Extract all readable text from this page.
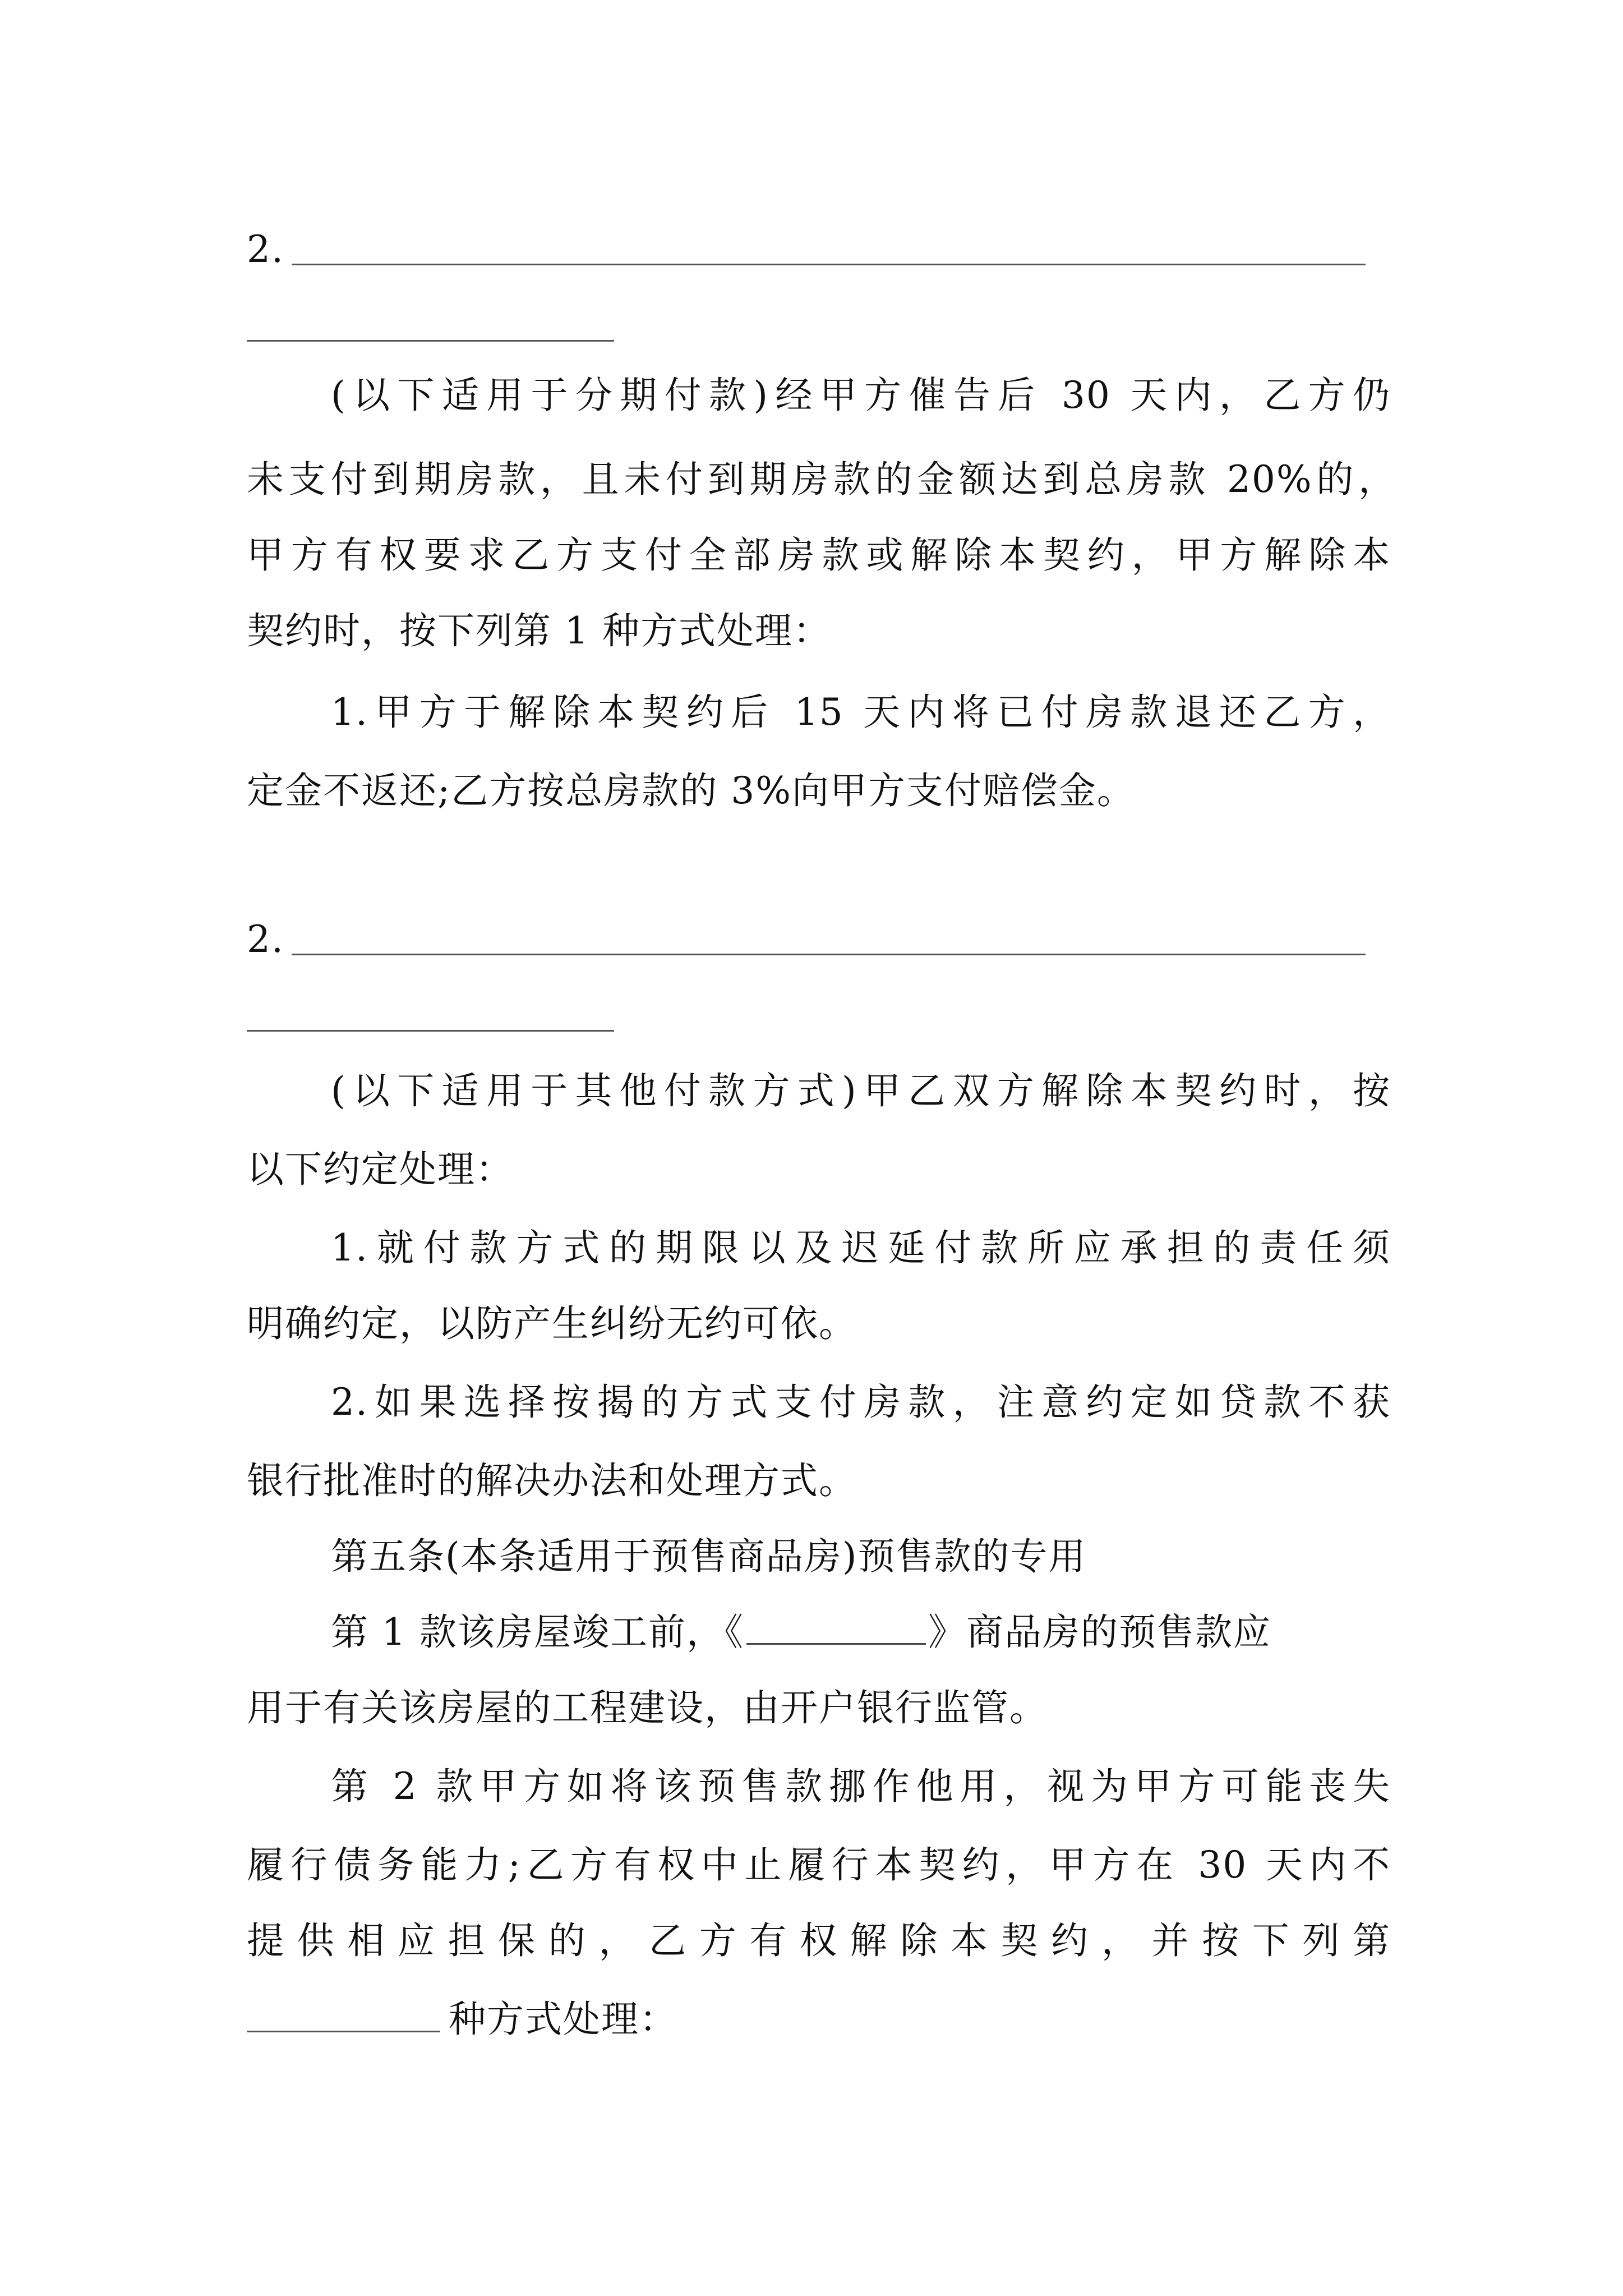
2.
(以下适用于分期付款)经甲方催告后 30 天内，乙方仍
未支付到期房款，且未付到期房款的金额达到总房款 20%的，
甲方有权要求乙方支付全部房款或解除本契约，甲方解除本
契约时，按下列第 1 种方式处理：
1.甲方于解除本契约后 15 天内将已付房款退还乙方，
定金不返还;乙方按总房款的 3%向甲方支付赔偿金。
2.
(以下适用于其他付款方式)甲乙双方解除本契约时，按
以下约定处理：
1.就付款方式的期限以及迟延付款所应承担的责任须
明确约定，以防产生纠纷无约可依。
2.如果选择按揭的方式支付房款，注意约定如贷款不获
银行批准时的解决办法和处理方式。
第五条(本条适用于预售商品房)预售款的专用
第 1 款该房屋竣工前，《	》商品房的预售款应
用于有关该房屋的工程建设，由开户银行监管。
第 2 款甲方如将该预售款挪作他用，视为甲方可能丧失
履行债务能力;乙方有权中止履行本契约，甲方在 30 天内不
提供相应担保的，乙方有权解除本契约，并按下列第
种方式处理：
